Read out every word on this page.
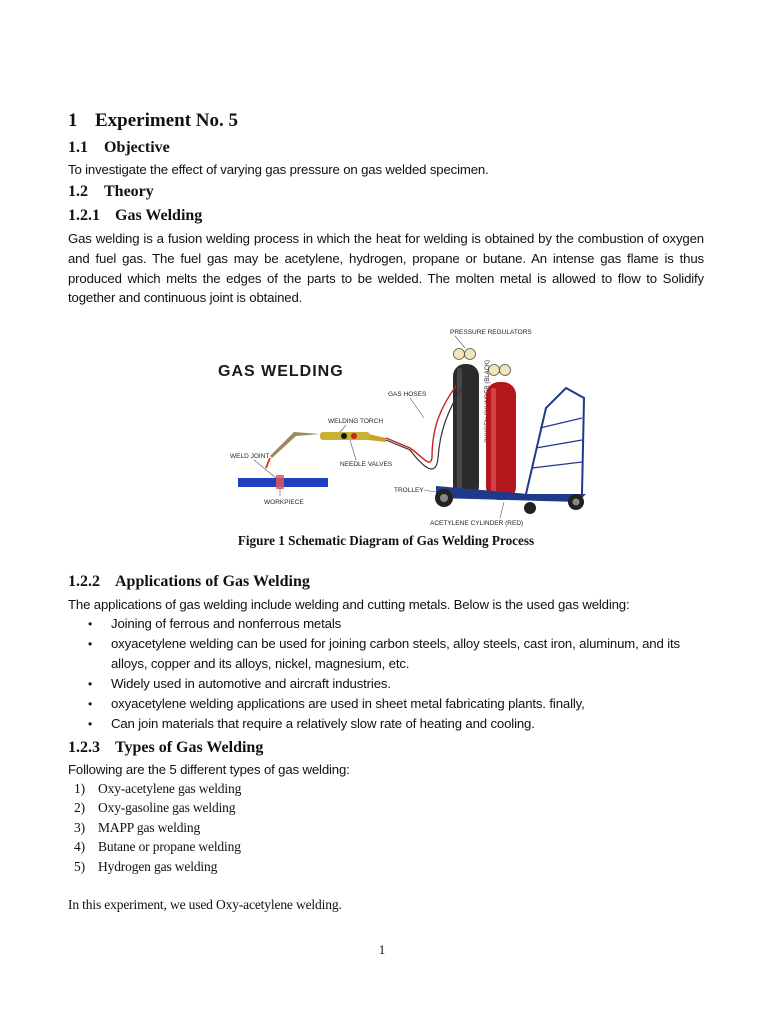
1 Experiment No. 5
1.1 Objective

To investigate the effect of varying gas pressure on gas welded specimen.

1.2 Theory
1.2.1 Gas Welding

Gas welding is a fusion welding process in which the heat for welding is obtained by the combustion of oxygen and fuel gas. The fuel gas may be acetylene, hydrogen, propane or butane. An intense gas flame is thus produced which melts the edges of the parts to be welded. The molten metal is allowed to flow to Solidify together and continuous joint is obtained.

GAS WELDING
PRESSURE REGULATORS
GAS HOSES
WELDING TORCH
NEEDLE VALVES
WELD JOINT
WORKPIECE
TROLLEY
ACETYLENE CYLINDER (RED)
Figure 1 Schematic Diagram of Gas Welding Process
1.2.2 Applications of Gas Welding

The applications of gas welding include welding and cutting metals. Below is the used gas welding:

• Joining of ferrous and nonferrous metals
• oxyacetylene welding can be used for joining carbon steels, alloy steels, cast iron, aluminum, and its alloys, copper and its alloys, nickel, magnesium, etc.
• Widely used in automotive and aircraft industries.
• oxyacetylene welding applications are used in sheet metal fabricating plants. finally,
• Can join materials that require a relatively slow rate of heating and cooling.
1.2.3 Types of Gas Welding

Following are the 5 different types of gas welding:

1) Oxy-acetylene gas welding
2) Oxy-gasoline gas welding
3) MAPP gas welding
4) Butane or propane welding
5) Hydrogen gas welding

In this experiment, we used Oxy-acetylene welding.

1
